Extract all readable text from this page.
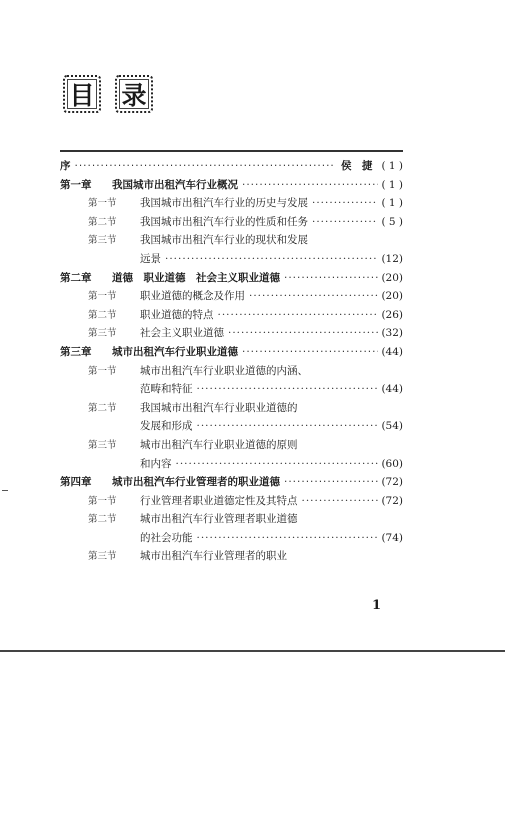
目 录
序 ·····	侯　捷 ( 1 )
第一章	我国城市出租汽车行业概况 ·····	( 1 )
第一节	我国城市出租汽车行业的历史与发展 ·····	( 1 )
第二节	我国城市出租汽车行业的性质和任务 ·····	( 5 )
第三节	我国城市出租汽车行业的现状和发展
远景 ·····	(12)
第二章	道德　职业道德　社会主义职业道德 ·····	(20)
第一节	职业道德的概念及作用 ·····	(20)
第二节	职业道德的特点 ·····	(26)
第三节	社会主义职业道德 ·····	(32)
第三章	城市出租汽车行业职业道德 ·····	(44)
第一节	城市出租汽车行业职业道德的内涵、
范畴和特征 ·····	(44)
第二节	我国城市出租汽车行业职业道德的
发展和形成 ·····	(54)
第三节	城市出租汽车行业职业道德的原则
和内容 ·····	(60)
第四章	城市出租汽车行业管理者的职业道德 ·····	(72)
第一节	行业管理者职业道德定性及其特点 ·····	(72)
第二节	城市出租汽车行业管理者职业道德
的社会功能 ·····	(74)
第三节	城市出租汽车行业管理者的职业
1
